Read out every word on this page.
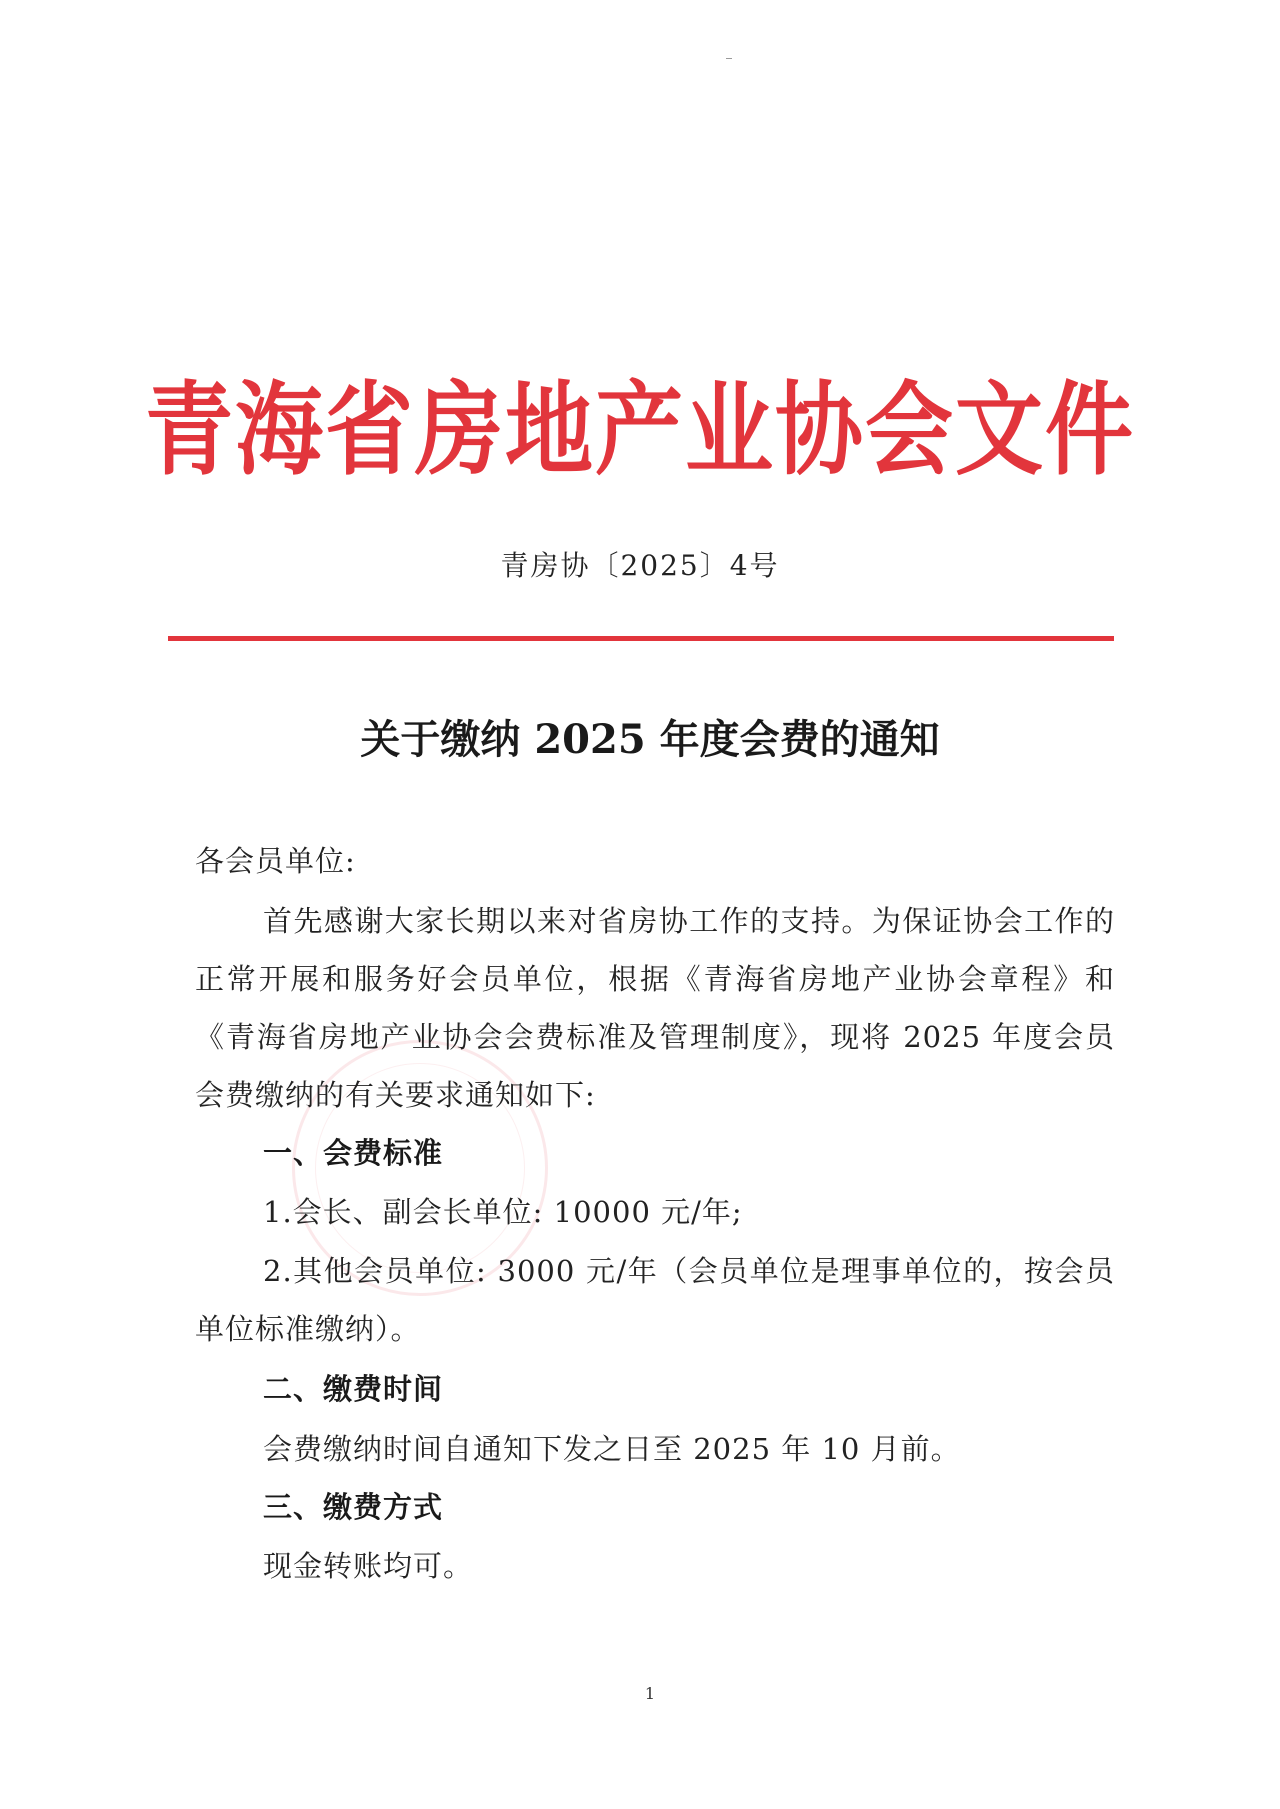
青海省房地产业协会文件
青房协〔2025〕4号
关于缴纳 2025 年度会费的通知
各会员单位:
首先感谢大家长期以来对省房协工作的支持。为保证协会工作的正常开展和服务好会员单位，根据《青海省房地产业协会章程》和《青海省房地产业协会会费标准及管理制度》，现将 2025 年度会员会费缴纳的有关要求通知如下:
一、会费标准
1.会长、副会长单位: 10000 元/年;
2.其他会员单位: 3000 元/年（会员单位是理事单位的，按会员单位标准缴纳）。
二、缴费时间
会费缴纳时间自通知下发之日至 2025 年 10 月前。
三、缴费方式
现金转账均可。
1
